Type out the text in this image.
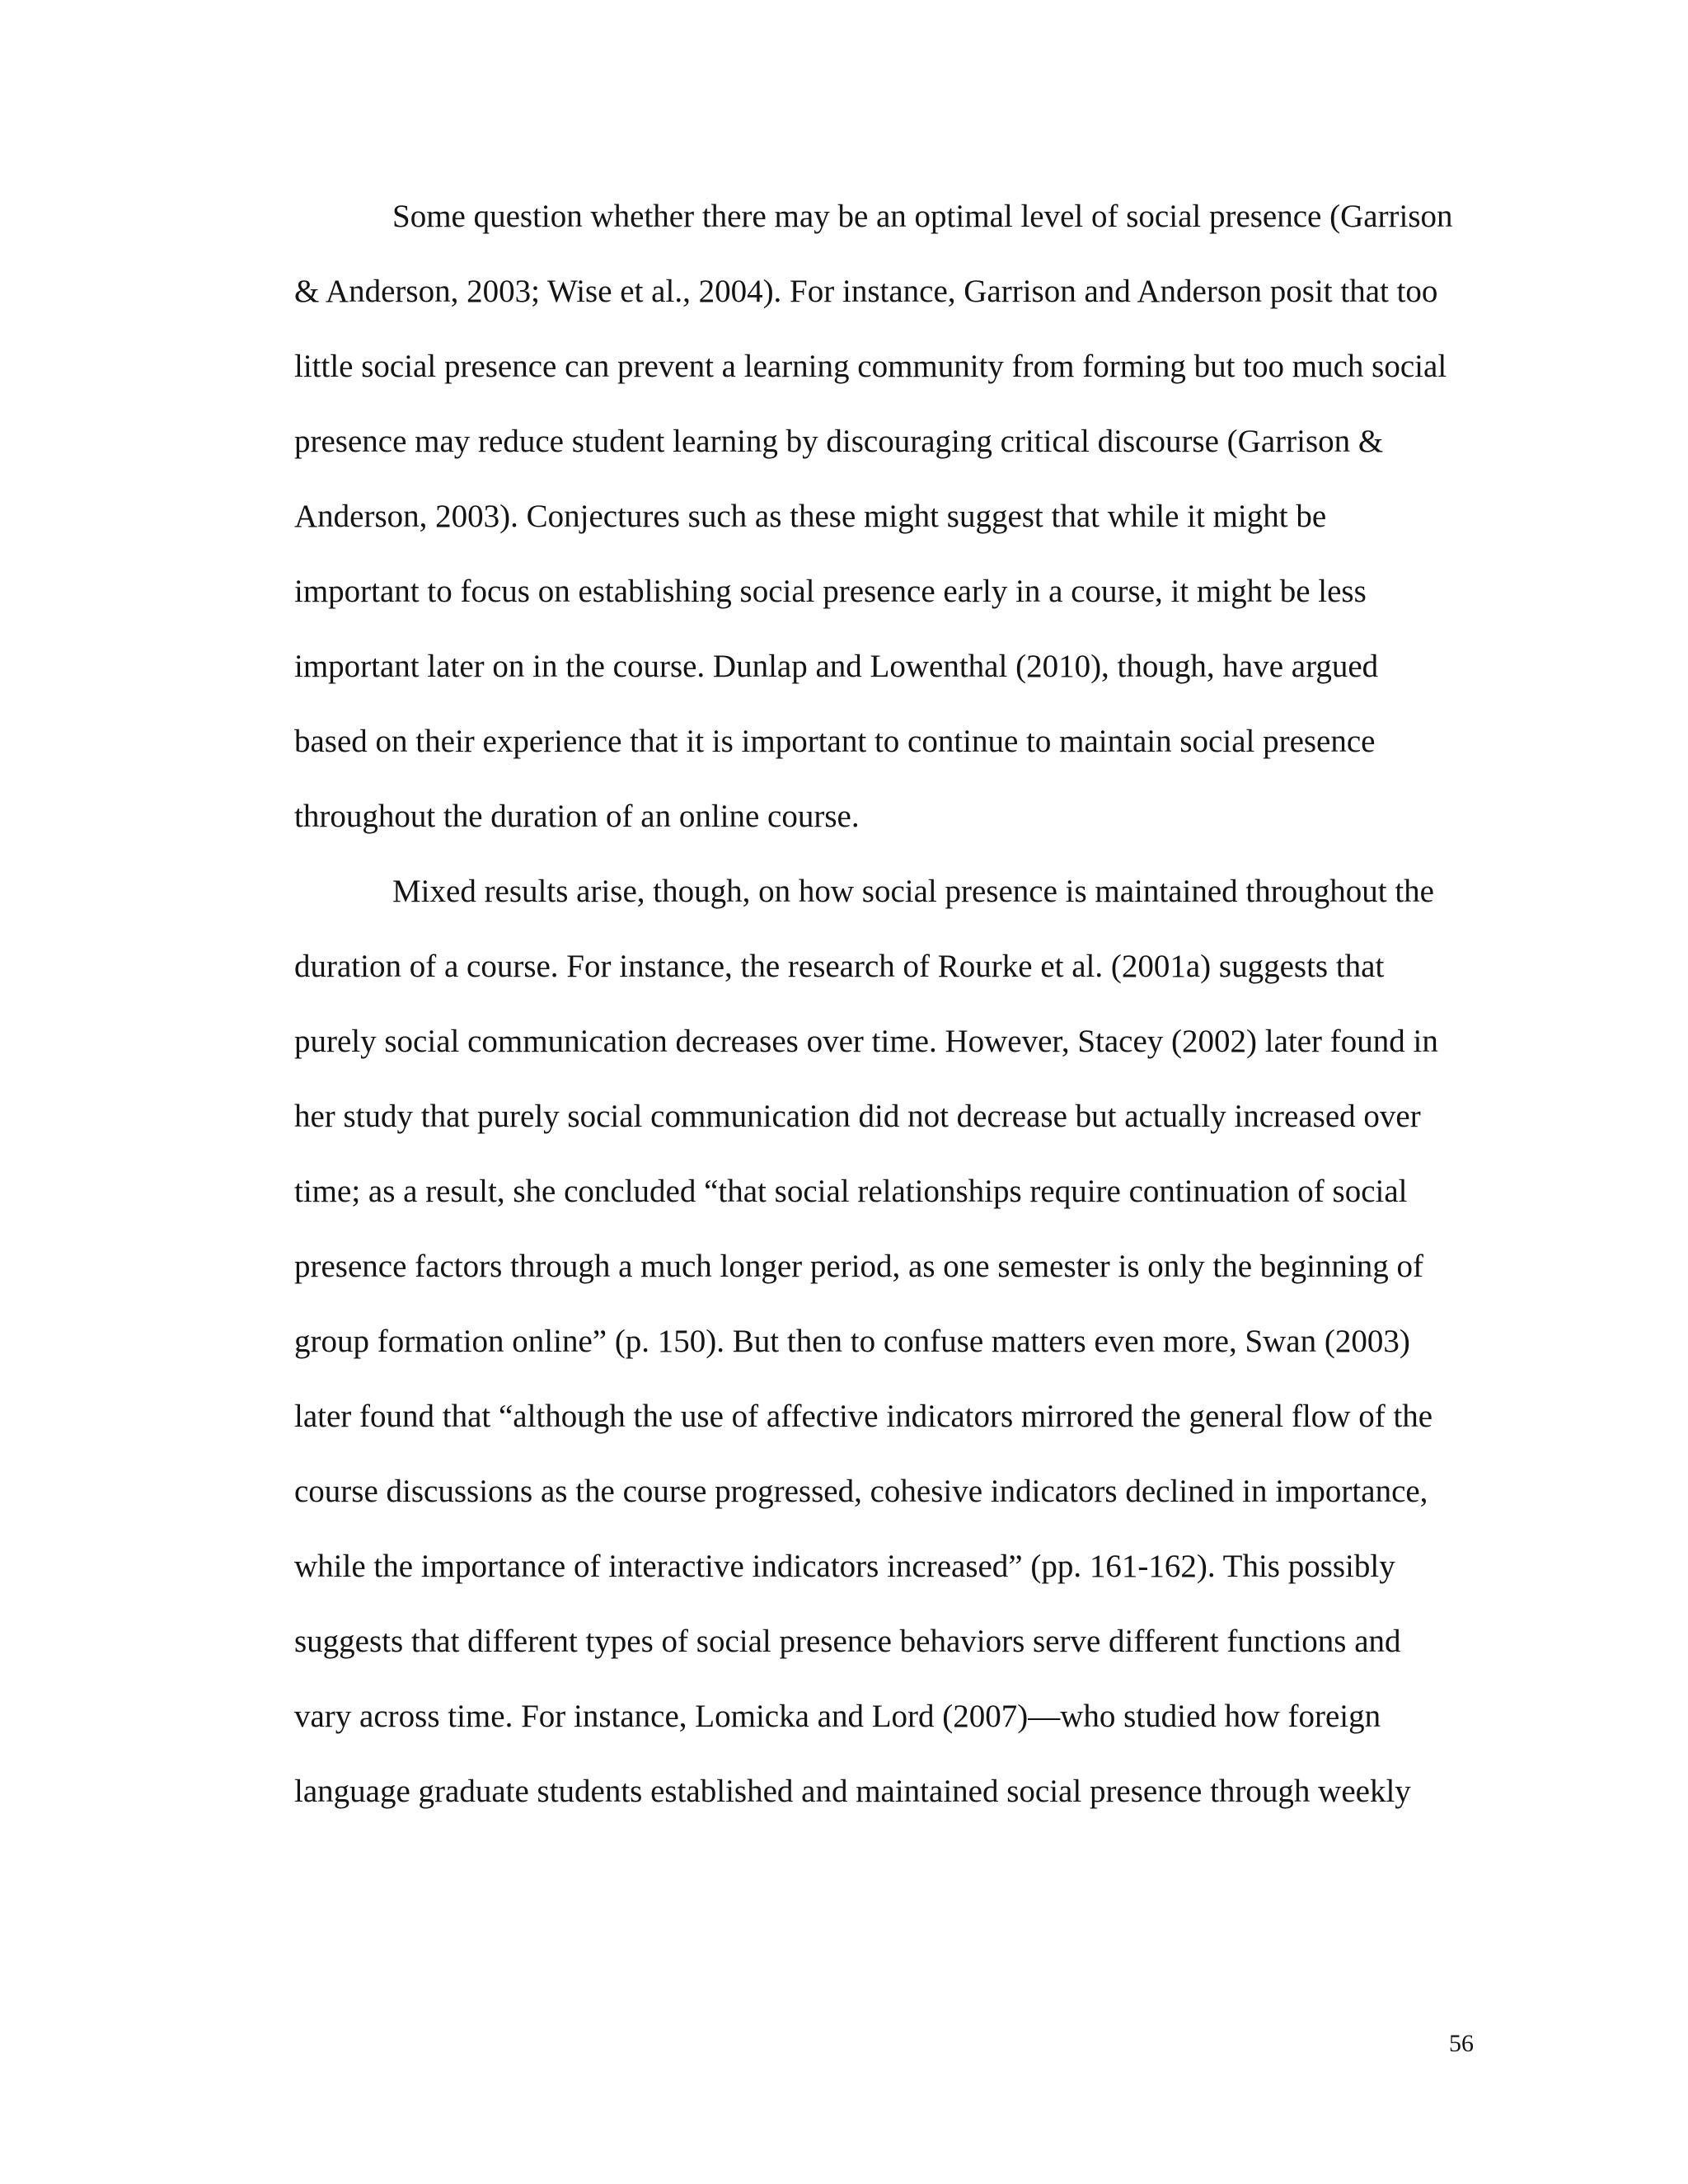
Some question whether there may be an optimal level of social presence (Garrison
& Anderson, 2003; Wise et al., 2004). For instance, Garrison and Anderson posit that too
little social presence can prevent a learning community from forming but too much social
presence may reduce student learning by discouraging critical discourse (Garrison &
Anderson, 2003). Conjectures such as these might suggest that while it might be
important to focus on establishing social presence early in a course, it might be less
important later on in the course. Dunlap and Lowenthal (2010), though, have argued
based on their experience that it is important to continue to maintain social presence
throughout the duration of an online course.
Mixed results arise, though, on how social presence is maintained throughout the
duration of a course. For instance, the research of Rourke et al. (2001a) suggests that
purely social communication decreases over time. However, Stacey (2002) later found in
her study that purely social communication did not decrease but actually increased over
time; as a result, she concluded “that social relationships require continuation of social
presence factors through a much longer period, as one semester is only the beginning of
group formation online” (p. 150). But then to confuse matters even more, Swan (2003)
later found that “although the use of affective indicators mirrored the general flow of the
course discussions as the course progressed, cohesive indicators declined in importance,
while the importance of interactive indicators increased” (pp. 161-162). This possibly
suggests that different types of social presence behaviors serve different functions and
vary across time. For instance, Lomicka and Lord (2007)—who studied how foreign
language graduate students established and maintained social presence through weekly
56
